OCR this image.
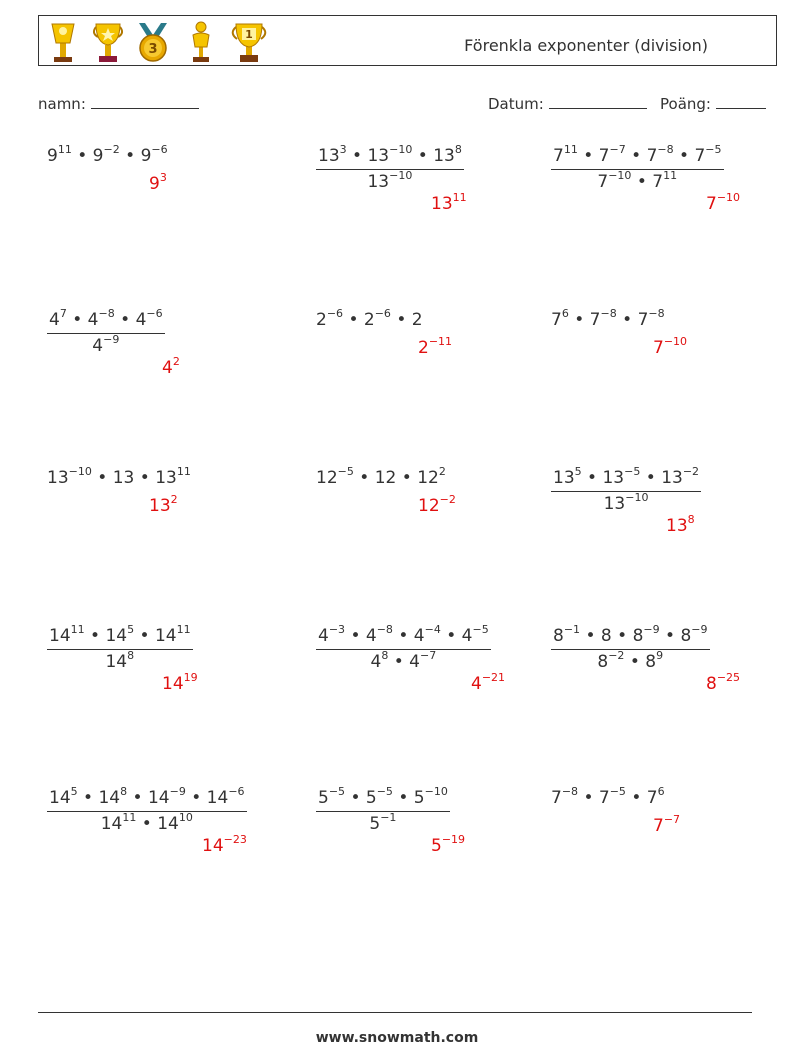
3
1
Förenkla exponenter (division)
namn:	Datum:	Poäng:
$9^{11}$ • $9^{-2}$ • $9^{-6}$
$9^3$	$\frac{13^3 • 13^{-10} • 13^8}{13^{-10}}$
$13^{11}$
$\frac{7^{11} • 7^{-7} • 7^{-8} • 7^{-5}}{7^{-10} • 7^{11}}$
$7^{-10}$
$\frac{4^7 • 4^{-8} • 4^{-6}}{4^{-9}}$
$4^2$
$2^{-6}$ • $2^{-6}$ • 2
$2^{-11}$
$7^6$ • $7^{-8}$ • $7^{-8}$
$7^{-10}$
$13^{-10}$ • 13 • $13^{11}$
$13^2$
$12^{-5}$ • 12 • $12^2$
$12^{-2}$	$\frac{13^5 • 13^{-5} • 13^{-2}}{13^{-10}}$
$13^8$
$\frac{14^{11} • 14^5 • 14^{11}}{14^8}$
$14^{19}$
$\frac{4^{-3} • 4^{-8} • 4^{-4} • 4^{-5}}{4^8 • 4^{-7}}$
$4^{-21}$
$\frac{8^{-1} • 8 • 8^{-9} • 8^{-9}}{8^{-2} • 8^9}$
$8^{-25}$
$\frac{14^5 • 14^8 • 14^{-9} • 14^{-6}}{14^{11} • 14^{10}}$
$14^{-23}$
$\frac{5^{-5} • 5^{-5} • 5^{-10}}{5^{-1}}$
$5^{-19}$
$7^{-8}$ • $7^{-5}$ • $7^6$
$7^{-7}$
www.snowmath.com
